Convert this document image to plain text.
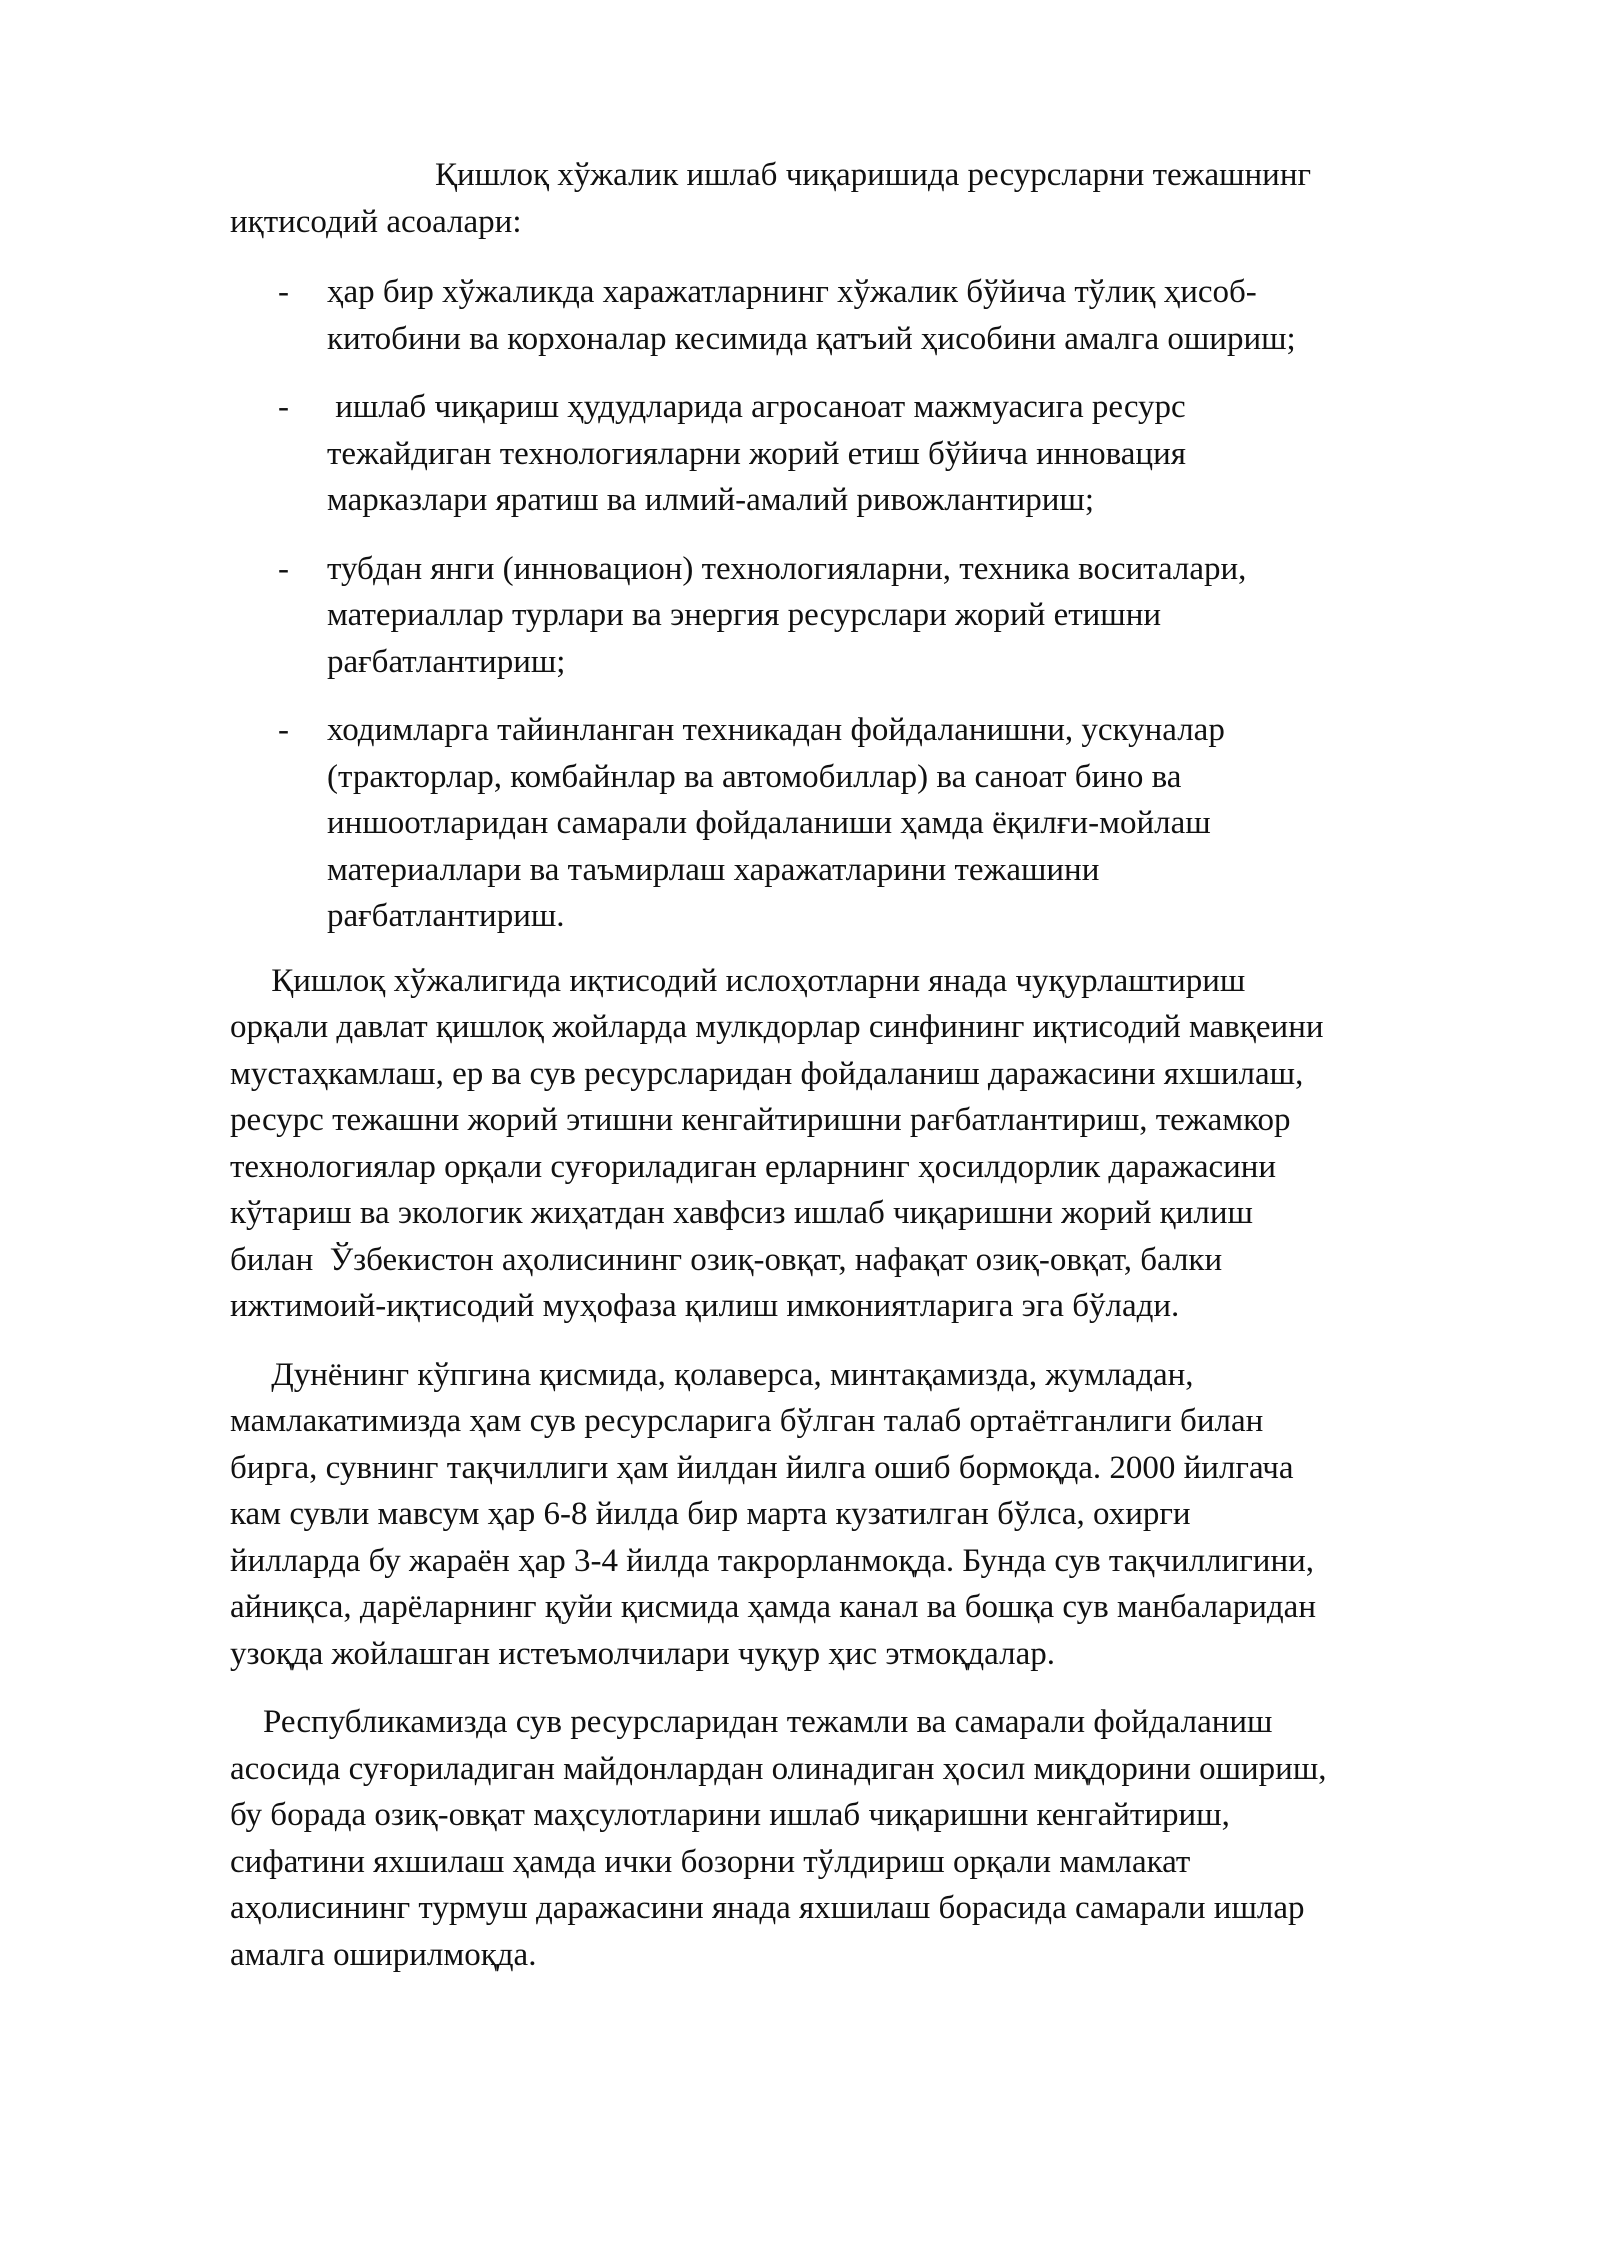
Қишлоқ хўжалик ишлаб чиқаришида ресурсларни тежашнинг
иқтисодий асоалари:

- ҳар бир хўжаликда харажатларнинг хўжалик бўйича тўлиқ ҳисоб-
китобини ва корхоналар кесимида қатъий ҳисобини амалга ошириш;
- ишлаб чиқариш ҳудудларида агросаноат мажмуасига ресурс
тежайдиган технологияларни жорий етиш бўйича инновация
марказлари яратиш ва илмий-амалий ривожлантириш;
- тубдан янги (инновацион) технологияларни, техника воситалари,
материаллар турлари ва энергия ресурслари жорий етишни
рағбатлантириш;
- ходимларга тайинланган техникадан фойдаланишни, ускуналар
(тракторлар, комбайнлар ва автомобиллар) ва саноат бино ва
иншоотларидан самарали фойдаланиши ҳамда ёқилғи-мойлаш
материаллари ва таъмирлаш харажатларини тежашини
рағбатлантириш.

Қишлоқ хўжалигида иқтисодий ислоҳотларни янада чуқурлаштириш
орқали давлат қишлоқ жойларда мулкдорлар синфининг иқтисодий мавқеини
мустаҳкамлаш, ер ва сув ресурсларидан фойдаланиш даражасини яхшилаш,
ресурс тежашни жорий этишни кенгайтиришни рағбатлантириш, тежамкор
технологиялар орқали суғориладиган ерларнинг ҳосилдорлик даражасини
кўтариш ва экологик жиҳатдан хавфсиз ишлаб чиқаришни жорий қилиш
билан  Ўзбекистон аҳолисининг озиқ-овқат, нафақат озиқ-овқат, балки
ижтимоий-иқтисодий муҳофаза қилиш имкониятларига эга бўлади.

Дунёнинг кўпгина қисмида, қолаверса, минтақамизда, жумладан,
мамлакатимизда ҳам сув ресурсларига бўлган талаб ортаётганлиги билан
бирга, сувнинг тақчиллиги ҳам йилдан йилга ошиб бормоқда. 2000 йилгача
кам сувли мавсум ҳар 6-8 йилда бир марта кузатилган бўлса, охирги
йилларда бу жараён ҳар 3-4 йилда такрорланмоқда. Бунда сув тақчиллигини,
айниқса, дарёларнинг қуйи қисмида ҳамда канал ва бошқа сув манбаларидан
узоқда жойлашган истеъмолчилари чуқур ҳис этмоқдалар.

Республикамизда сув ресурсларидан тежамли ва самарали фойдаланиш
асосида суғориладиган майдонлардан олинадиган ҳосил миқдорини ошириш,
бу борада озиқ-овқат маҳсулотларини ишлаб чиқаришни кенгайтириш,
сифатини яхшилаш ҳамда ички бозорни тўлдириш орқали мамлакат
аҳолисининг турмуш даражасини янада яхшилаш борасида самарали ишлар
амалга оширилмоқда.
